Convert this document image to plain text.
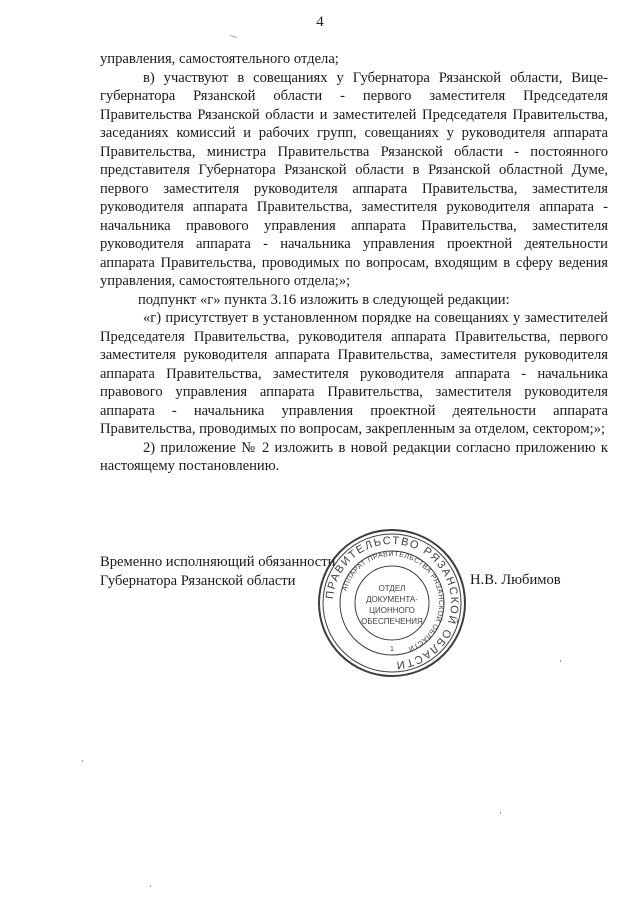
4

управления, самостоятельного отдела;

в) участвуют в совещаниях у Губернатора Рязанской области, Вице-губернатора Рязанской области - первого заместителя Председателя Правительства Рязанской области и заместителей Председателя Правительства, заседаниях комиссий и рабочих групп, совещаниях у руководителя аппарата Правительства, министра Правительства Рязанской области - постоянного представителя Губернатора Рязанской области в Рязанской областной Думе, первого заместителя руководителя аппарата Правительства, заместителя руководителя аппарата Правительства, заместителя руководителя аппарата - начальника правового управления аппарата Правительства, заместителя руководителя аппарата - начальника управления проектной деятельности аппарата Правительства, проводимых по вопросам, входящим в сферу ведения управления, самостоятельного отдела;»;

подпункт «г» пункта 3.16 изложить в следующей редакции:

«г) присутствует в установленном порядке на совещаниях у заместителей Председателя Правительства, руководителя аппарата Правительства, первого заместителя руководителя аппарата Правительства, заместителя руководителя аппарата Правительства, заместителя руководителя аппарата - начальника правового управления аппарата Правительства, заместителя руководителя аппарата - начальника управления проектной деятельности аппарата Правительства, проводимых по вопросам, закрепленным за отделом, сектором;»;

2) приложение № 2 изложить в новой редакции согласно приложению к настоящему постановлению.

Временно исполняющий обязанности
Губернатора Рязанской области
ПРАВИТЕЛЬСТВО РЯЗАНСКОЙ ОБЛАСТИ
АППАРАТ ПРАВИТЕЛЬСТВА РЯЗАНСКОЙ ОБЛАСТИ
ОТДЕЛ
ДОКУМЕНТА-
ЦИОННОГО
ОБЕСПЕЧЕНИЯ
1
Н.В. Любимов
